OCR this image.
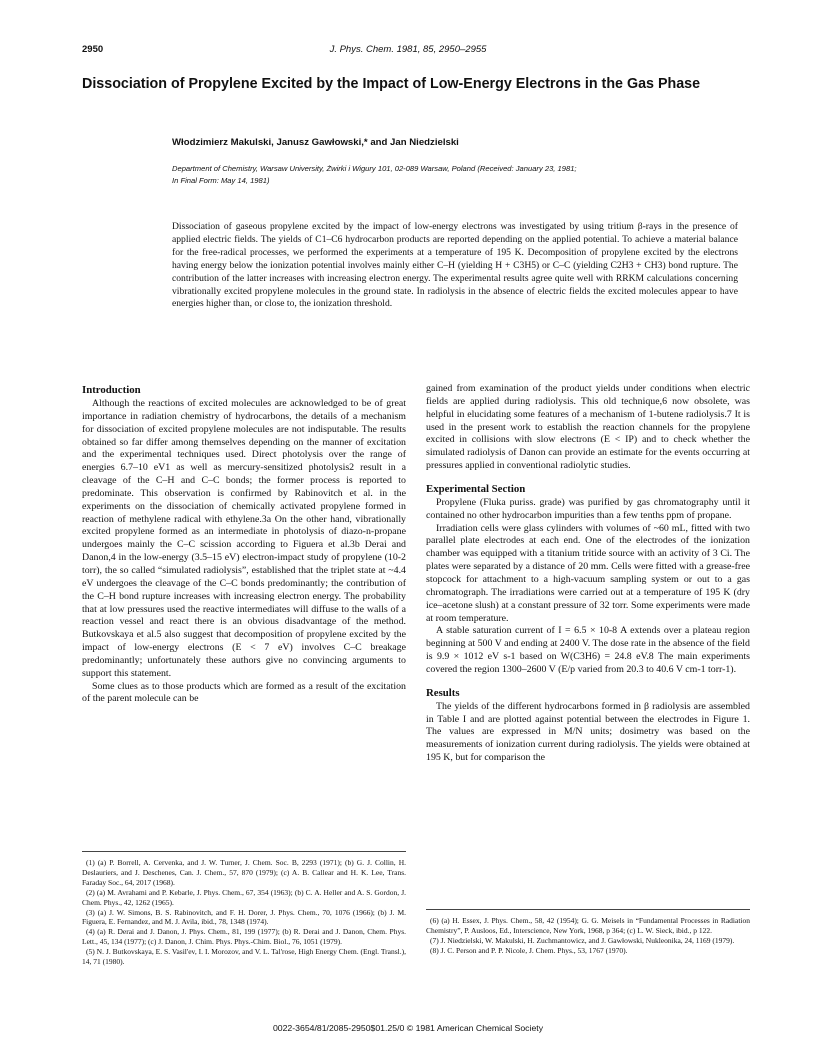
2950	J. Phys. Chem. 1981, 85, 2950–2955
Dissociation of Propylene Excited by the Impact of Low-Energy Electrons in the Gas Phase
Włodzimierz Makulski, Janusz Gawłowski,* and Jan Niedzielski
Department of Chemistry, Warsaw University, Żwirki i Wigury 101, 02-089 Warsaw, Poland (Received: January 23, 1981;
In Final Form: May 14, 1981)
Dissociation of gaseous propylene excited by the impact of low-energy electrons was investigated by using tritium β-rays in the presence of applied electric fields. The yields of C1–C6 hydrocarbon products are reported depending on the applied potential. To achieve a material balance for the free-radical processes, we performed the experiments at a temperature of 195 K. Decomposition of propylene excited by the electrons having energy below the ionization potential involves mainly either C–H (yielding H + C3H5) or C–C (yielding C2H3 + CH3) bond rupture. The contribution of the latter increases with increasing electron energy. The experimental results agree quite well with RRKM calculations concerning vibrationally excited propylene molecules in the ground state. In radiolysis in the absence of electric fields the excited molecules appear to have energies higher than, or close to, the ionization threshold.
Introduction

Although the reactions of excited molecules are acknowledged to be of great importance in radiation chemistry of hydrocarbons, the details of a mechanism for dissociation of excited propylene molecules are not indisputable. The results obtained so far differ among themselves depending on the manner of excitation and the experimental techniques used. Direct photolysis over the range of energies 6.7–10 eV1 as well as mercury-sensitized photolysis2 result in a cleavage of the C–H and C–C bonds; the former process is reported to predominate. This observation is confirmed by Rabinovitch et al. in the experiments on the dissociation of chemically activated propylene formed in reaction of methylene radical with ethylene.3a On the other hand, vibrationally excited propylene formed as an intermediate in photolysis of diazo-n-propane undergoes mainly the C–C scission according to Figuera et al.3b Derai and Danon,4 in the low-energy (3.5–15 eV) electron-impact study of propylene (10-2 torr), the so called “simulated radiolysis”, established that the triplet state at ~4.4 eV undergoes the cleavage of the C–C bonds predominantly; the contribution of the C–H bond rupture increases with increasing electron energy. The probability that at low pressures used the reactive intermediates will diffuse to the walls of a reaction vessel and react there is an obvious disadvantage of the method. Butkovskaya et al.5 also suggest that decomposition of propylene excited by the impact of low-energy electrons (E < 7 eV) involves C–C breakage predominantly; unfortunately these authors give no convincing arguments to support this statement.

Some clues as to those products which are formed as a result of the excitation of the parent molecule can be

gained from examination of the product yields under conditions when electric fields are applied during radiolysis. This old technique,6 now obsolete, was helpful in elucidating some features of a mechanism of 1-butene radiolysis.7 It is used in the present work to establish the reaction channels for the propylene excited in collisions with slow electrons (E < IP) and to check whether the simulated radiolysis of Danon can provide an estimate for the events occurring at pressures applied in conventional radiolytic studies.

Experimental Section

Propylene (Fluka puriss. grade) was purified by gas chromatography until it contained no other hydrocarbon impurities than a few tenths ppm of propane.

Irradiation cells were glass cylinders with volumes of ~60 mL, fitted with two parallel plate electrodes at each end. One of the electrodes of the ionization chamber was equipped with a titanium tritide source with an activity of 3 Ci. The plates were separated by a distance of 20 mm. Cells were fitted with a grease-free stopcock for attachment to a high-vacuum sampling system or out to a gas chromatograph. The irradiations were carried out at a temperature of 195 K (dry ice–acetone slush) at a constant pressure of 32 torr. Some experiments were made at room temperature.

A stable saturation current of I = 6.5 × 10-8 A extends over a plateau region beginning at 500 V and ending at 2400 V. The dose rate in the absence of the field is 9.9 × 1012 eV s-1 based on W(C3H6) = 24.8 eV.8 The main experiments covered the region 1300–2600 V (E/p varied from 20.3 to 40.6 V cm-1 torr-1).

Results

The yields of the different hydrocarbons formed in β radiolysis are assembled in Table I and are plotted against potential between the electrodes in Figure 1. The values are expressed in M/N units; dosimetry was based on the measurements of ionization current during radiolysis. The yields were obtained at 195 K, but for comparison the

(1) (a) P. Borrell, A. Cervenka, and J. W. Turner, J. Chem. Soc. B, 2293 (1971); (b) G. J. Collin, H. Deslauriers, and J. Deschenes, Can. J. Chem., 57, 870 (1979); (c) A. B. Callear and H. K. Lee, Trans. Faraday Soc., 64, 2017 (1968).

(2) (a) M. Avrahami and P. Kebarle, J. Phys. Chem., 67, 354 (1963); (b) C. A. Heller and A. S. Gordon, J. Chem. Phys., 42, 1262 (1965).

(3) (a) J. W. Simons, B. S. Rabinovitch, and F. H. Dorer, J. Phys. Chem., 70, 1076 (1966); (b) J. M. Figuera, E. Fernandez, and M. J. Avila, ibid., 78, 1348 (1974).

(4) (a) R. Derai and J. Danon, J. Phys. Chem., 81, 199 (1977); (b) R. Derai and J. Danon, Chem. Phys. Lett., 45, 134 (1977); (c) J. Danon, J. Chim. Phys. Phys.-Chim. Biol., 76, 1051 (1979).

(5) N. J. Butkovskaya, E. S. Vasil'ev, I. I. Morozov, and V. L. Tal'rose, High Energy Chem. (Engl. Transl.), 14, 71 (1980).

(6) (a) H. Essex, J. Phys. Chem., 58, 42 (1954); G. G. Meisels in “Fundamental Processes in Radiation Chemistry”, P. Ausloos, Ed., Interscience, New York, 1968, p 364; (c) L. W. Sieck, ibid., p 122.

(7) J. Niedzielski, W. Makulski, H. Zuchmantowicz, and J. Gawłowski, Nukleonika, 24, 1169 (1979).

(8) J. C. Person and P. P. Nicole, J. Chem. Phys., 53, 1767 (1970).

0022-3654/81/2085-2950$01.25/0 © 1981 American Chemical Society
